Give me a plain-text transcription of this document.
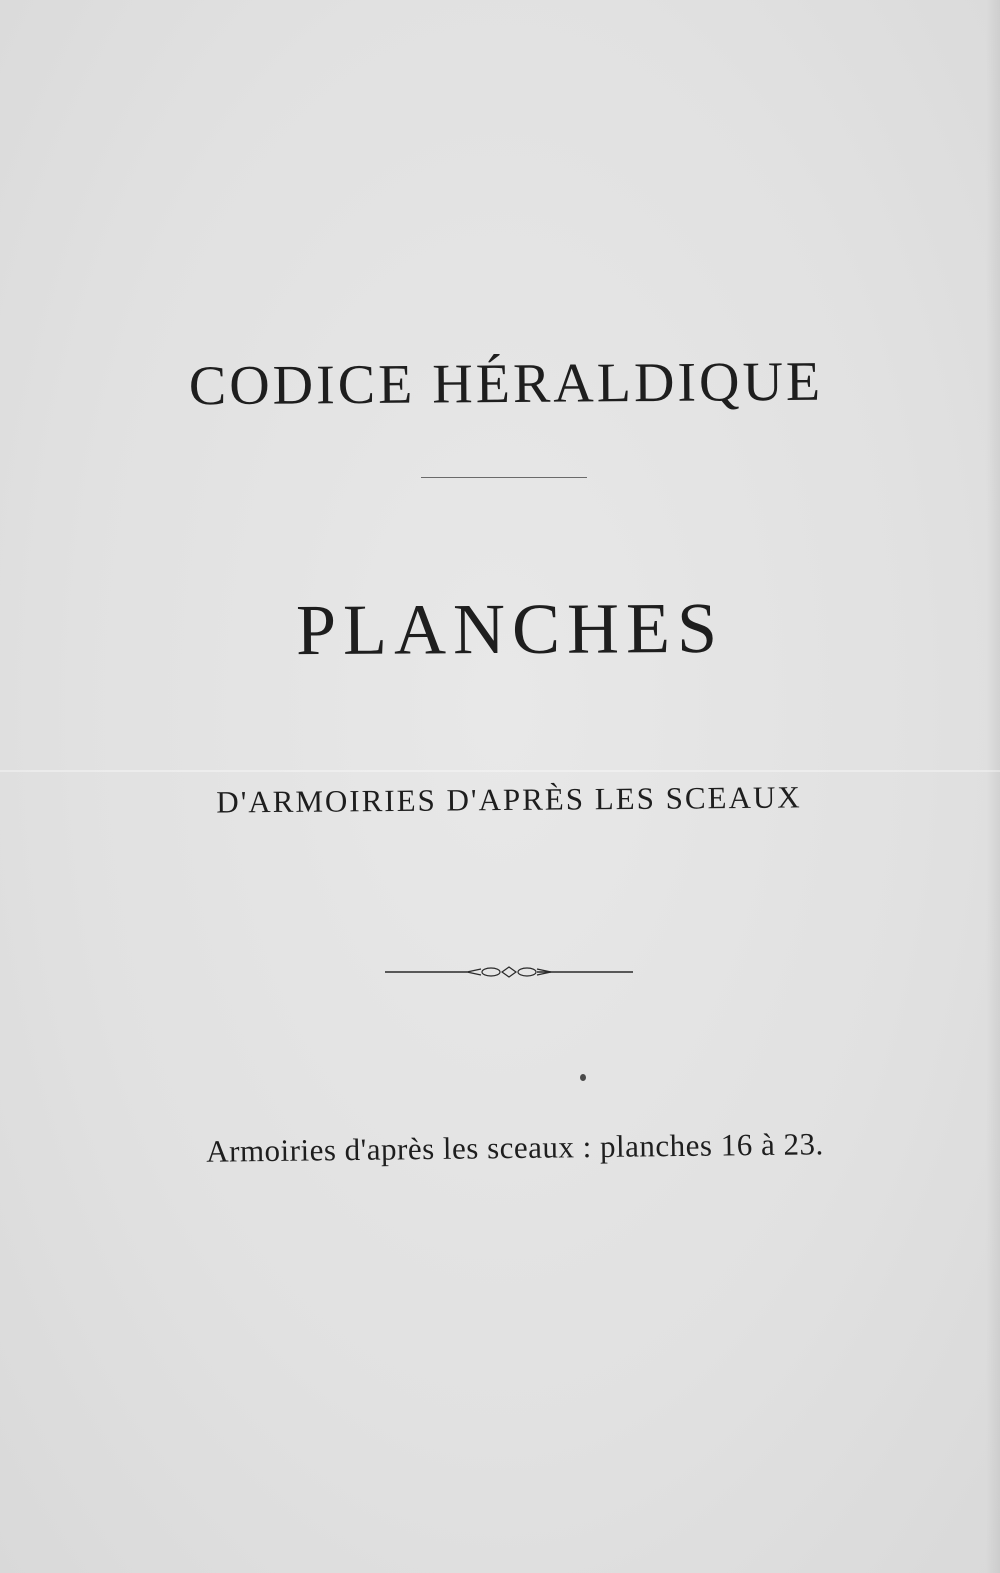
CODICE HÉRALDIQUE
PLANCHES
D'ARMOIRIES D'APRÈS LES SCEAUX
Armoiries d'après les sceaux : planches 16 à 23.
